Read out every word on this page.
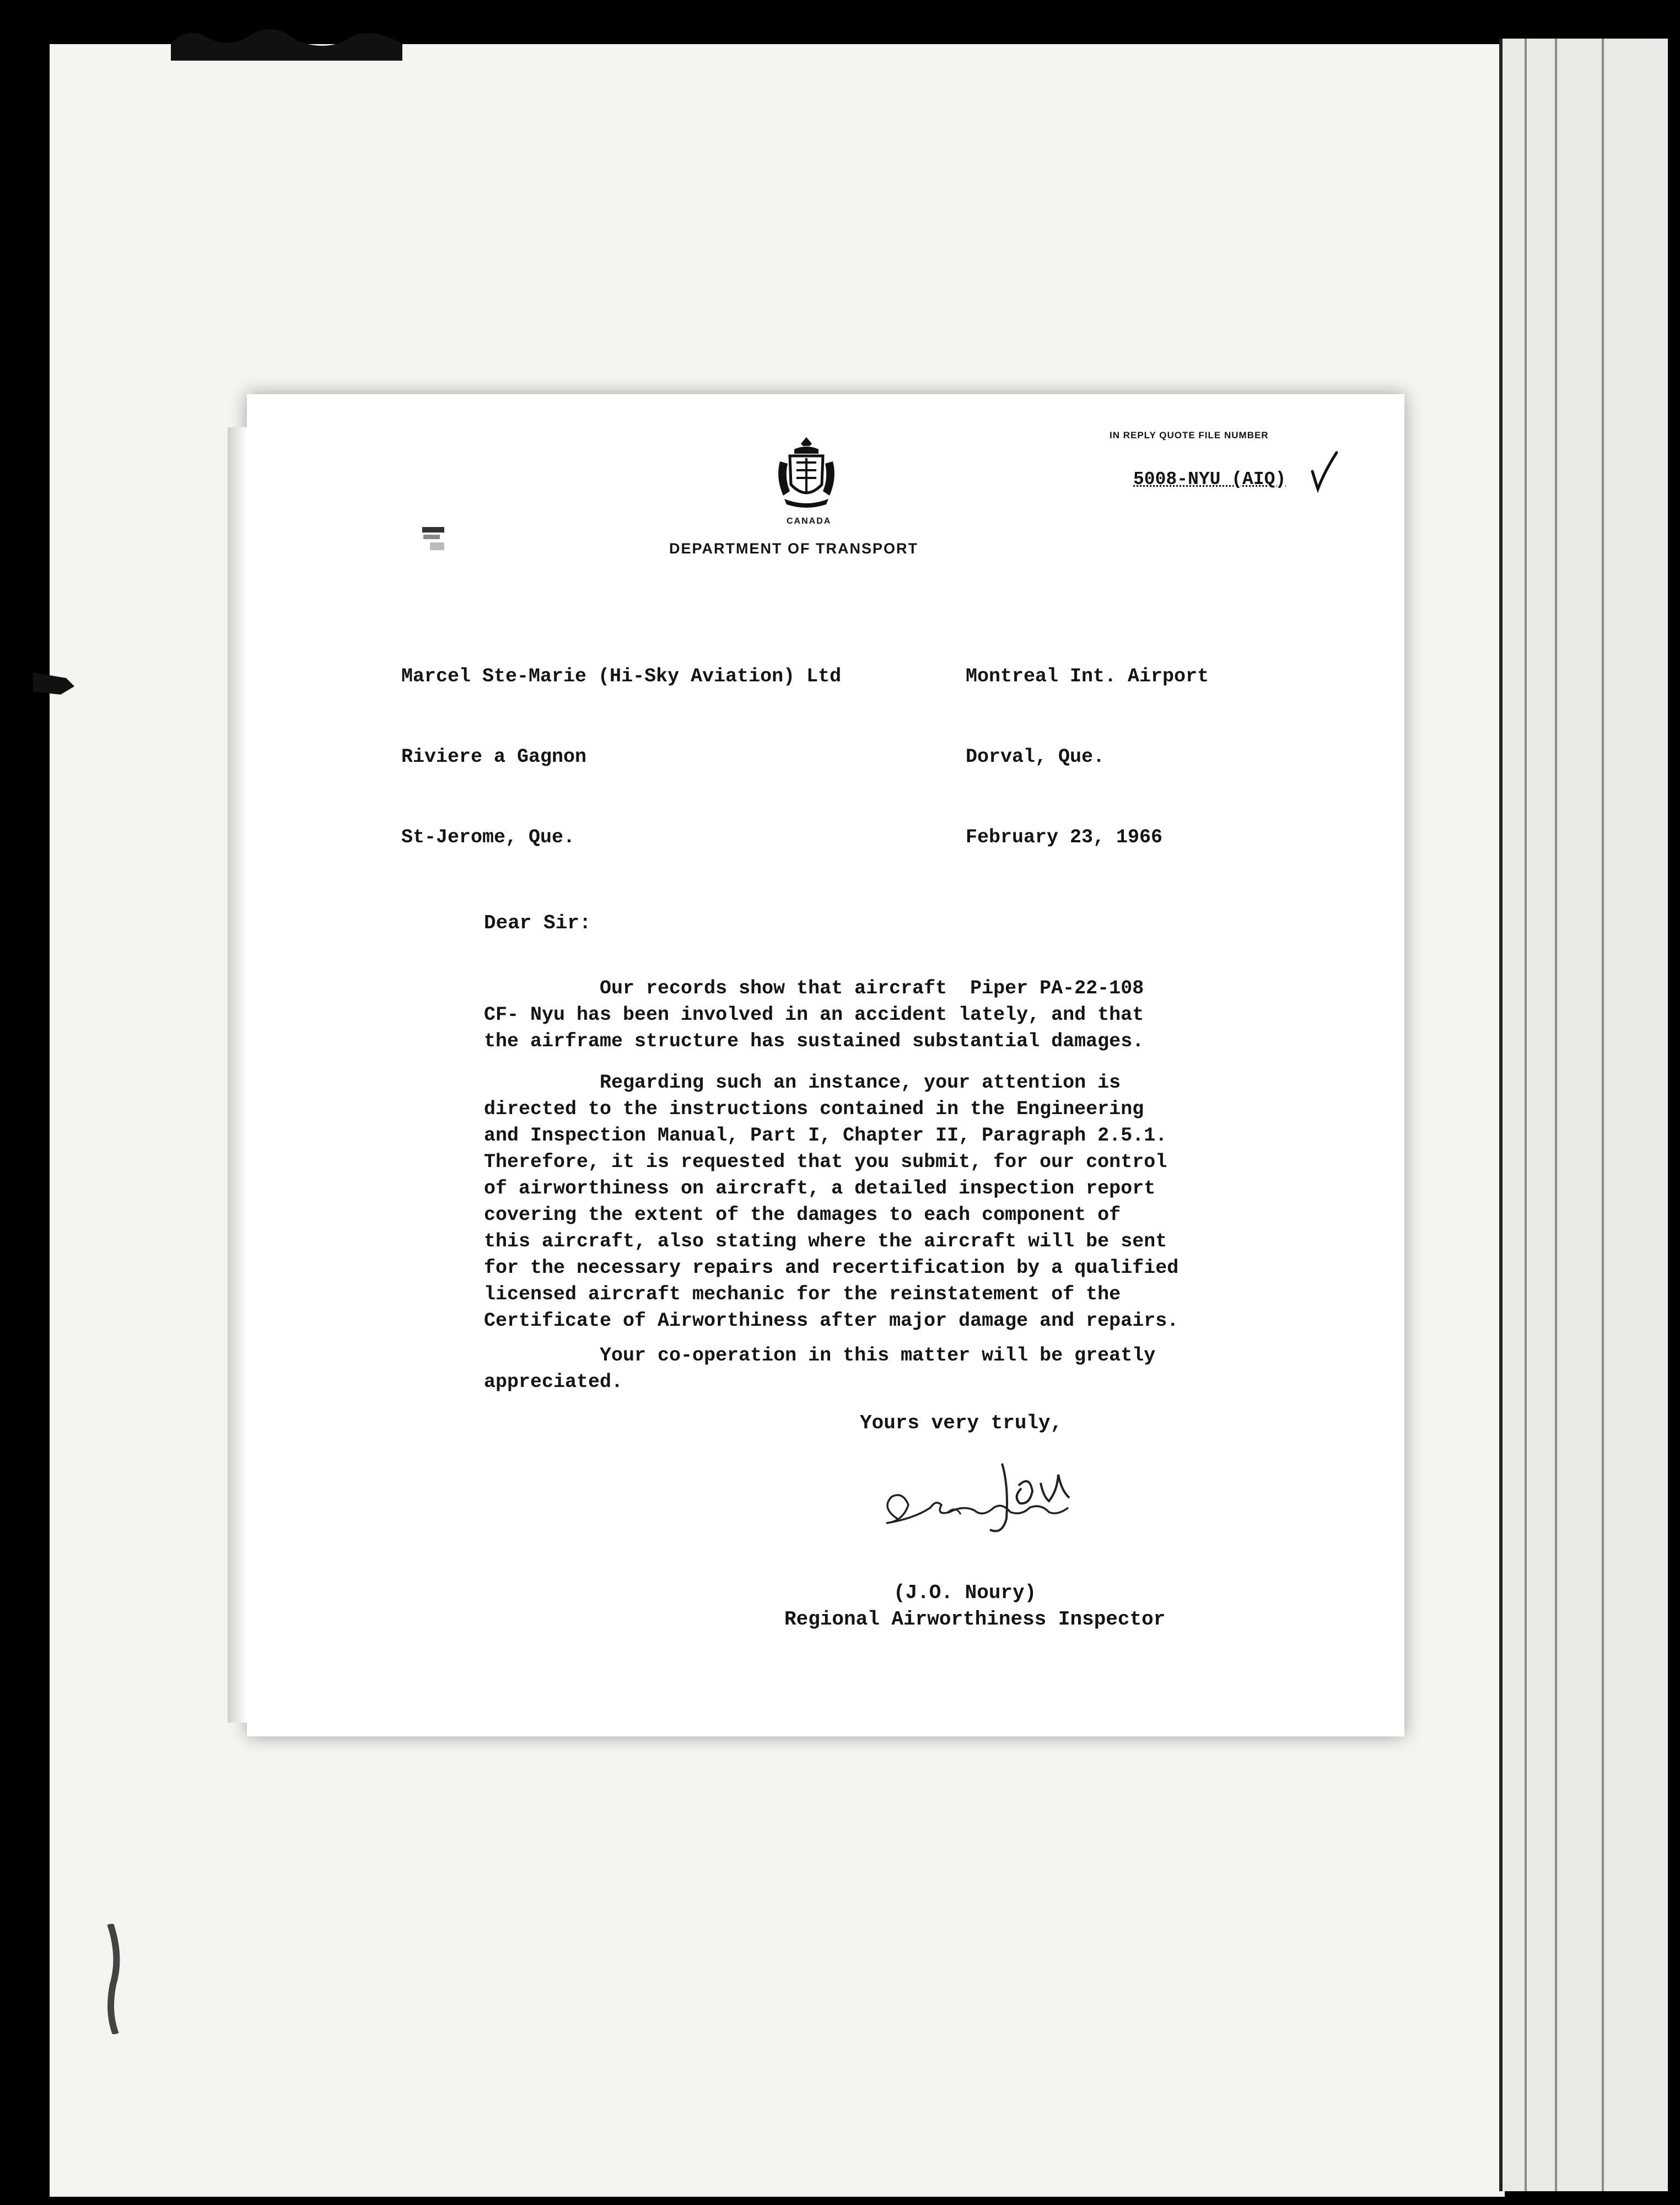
CANADA
DEPARTMENT OF TRANSPORT
IN REPLY QUOTE FILE NUMBER
5008-NYU (AIQ)

Marcel Ste-Marie (Hi-Sky Aviation) Ltd

Riviere a Gagnon

St-Jerome, Que.

Montreal Int. Airport

Dorval, Que.

February 23, 1966

Dear Sir:
Our records show that aircraft  Piper PA-22-108
CF- Nyu has been involved in an accident lately, and that
the airframe structure has sustained substantial damages.
Regarding such an instance, your attention is
directed to the instructions contained in the Engineering
and Inspection Manual, Part I, Chapter II, Paragraph 2.5.1.
Therefore, it is requested that you submit, for our control
of airworthiness on aircraft, a detailed inspection report
covering the extent of the damages to each component of
this aircraft, also stating where the aircraft will be sent
for the necessary repairs and recertification by a qualified
licensed aircraft mechanic for the reinstatement of the
Certificate of Airworthiness after major damage and repairs.
Your co-operation in this matter will be greatly
appreciated.
Yours very truly,
(J.O. Noury)
Regional Airworthiness Inspector
